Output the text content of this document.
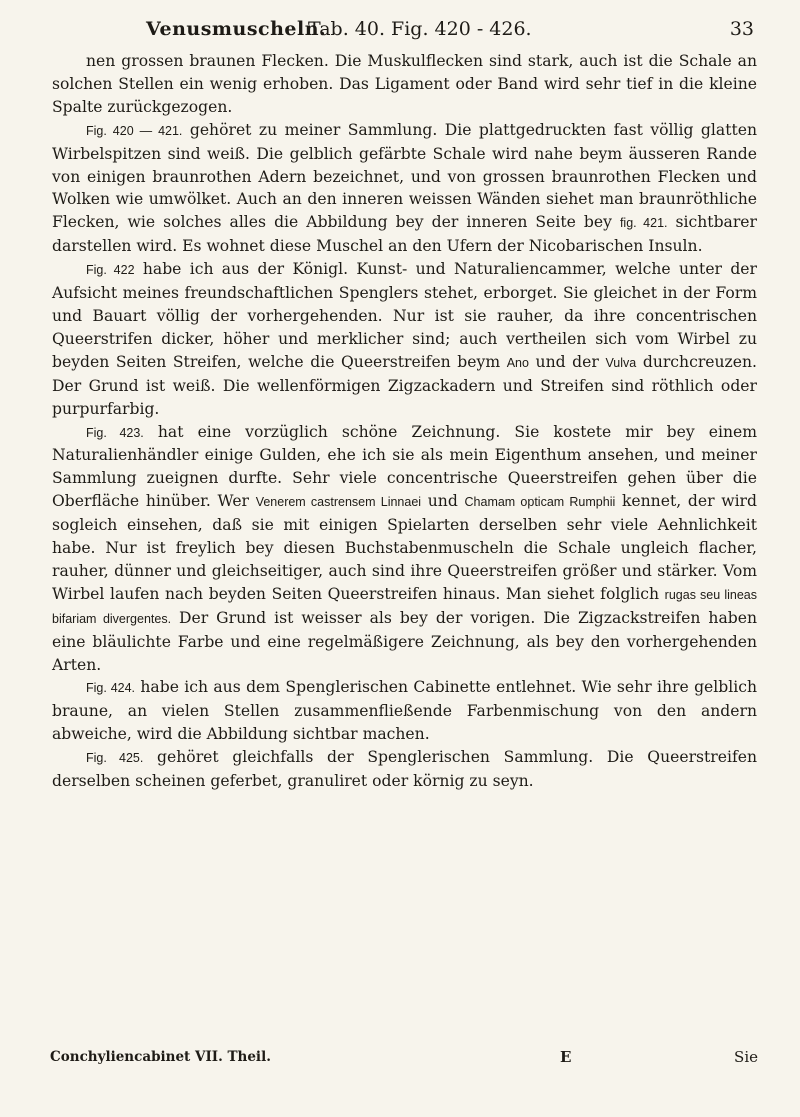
Venusmuscheln.
Tab. 40. Fig. 420 - 426.	33

nen grossen braunen Flecken. Die Muskulflecken sind stark, auch ist die Schale an solchen Stellen ein wenig erhoben. Das Ligament oder Band wird sehr tief in die kleine Spalte zurückgezogen.

Fig. 420 — 421. gehöret zu meiner Sammlung. Die plattgedruckten fast völlig glatten Wirbelspitzen sind weiß. Die gelblich gefärbte Schale wird nahe beym äusseren Rande von einigen braunrothen Adern bezeichnet, und von grossen braunrothen Flecken und Wolken wie umwölket. Auch an den inneren weissen Wänden siehet man braunröthliche Flecken, wie solches alles die Abbildung bey der inneren Seite bey fig. 421. sichtbarer darstellen wird. Es wohnet diese Muschel an den Ufern der Nicobarischen Insuln.

Fig. 422 habe ich aus der Königl. Kunst- und Naturaliencammer, welche unter der Aufsicht meines freundschaftlichen Spenglers stehet, erborget. Sie gleichet in der Form und Bauart völlig der vorhergehenden. Nur ist sie rauher, da ihre concentrischen Queerstrifen dicker, höher und merklicher sind; auch vertheilen sich vom Wirbel zu beyden Seiten Streifen, welche die Queerstreifen beym Ano und der Vulva durchcreuzen. Der Grund ist weiß. Die wellenförmigen Zigzackadern und Streifen sind röthlich oder purpurfarbig.

Fig. 423. hat eine vorzüglich schöne Zeichnung. Sie kostete mir bey einem Naturalienhändler einige Gulden, ehe ich sie als mein Eigenthum ansehen, und meiner Sammlung zueignen durfte. Sehr viele concentrische Queerstreifen gehen über die Oberfläche hinüber. Wer Venerem castrensem Linnaei und Chamam opticam Rumphii kennet, der wird sogleich einsehen, daß sie mit einigen Spielarten derselben sehr viele Aehnlichkeit habe. Nur ist freylich bey diesen Buchstabenmuscheln die Schale ungleich flacher, rauher, dünner und gleichseitiger, auch sind ihre Queerstreifen größer und stärker. Vom Wirbel laufen nach beyden Seiten Queerstreifen hinaus. Man siehet folglich rugas seu lineas bifariam divergentes. Der Grund ist weisser als bey der vorigen. Die Zigzackstreifen haben eine bläulichte Farbe und eine regelmäßigere Zeichnung, als bey den vorhergehenden Arten.

Fig. 424. habe ich aus dem Spenglerischen Cabinette entlehnet. Wie sehr ihre gelblich braune, an vielen Stellen zusammenfließende Farbenmischung von den andern abweiche, wird die Abbildung sichtbar machen.

Fig. 425. gehöret gleichfalls der Spenglerischen Sammlung. Die Queerstreifen derselben scheinen geferbet, granuliret oder körnig zu seyn.

Conchyliencabinet VII. Theil.	E	Sie
